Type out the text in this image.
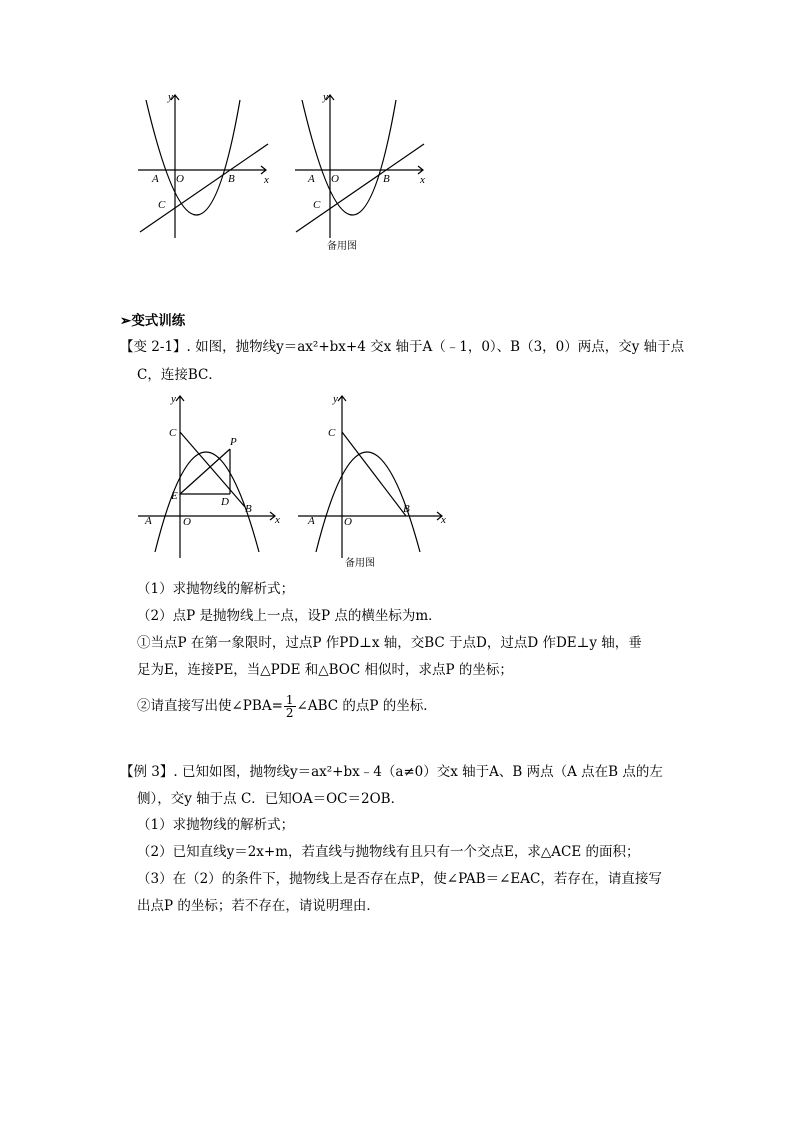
y
x
A O	B
C
y
x
A O	B
C
备用图
➢变式训练
【变 2-1】. 如图，抛物线y＝ax²+bx+4 交x 轴于A（﹣1，0）、B（3，0）两点，交y 轴于点
C，连接BC．
y
x
A	O
B
C
P
E	D
y
x
A	O
B
C
备用图
（1）求抛物线的解析式；
（2）点P 是抛物线上一点，设P 点的横坐标为m．
①当点P 在第一象限时，过点P 作PD⊥x 轴，交BC 于点D，过点D 作DE⊥y 轴，垂
足为E，连接PE，当△PDE 和△BOC 相似时，求点P 的坐标；
②请直接写出使∠PBA= $\frac{1}{2}$ ∠ABC 的点P 的坐标．
【例 3】. 已知如图，抛物线y＝ax²+bx﹣4（a≠0）交x 轴于A、B 两点（A 点在B 点的左
侧），交y 轴于点 C．已知OA＝OC＝2OB．
（1）求抛物线的解析式；
（2）已知直线y＝2x+m，若直线与抛物线有且只有一个交点E，求△ACE 的面积；
（3）在（2）的条件下，抛物线上是否存在点P，使∠PAB＝∠EAC，若存在，请直接写
出点P 的坐标；若不存在，请说明理由．
